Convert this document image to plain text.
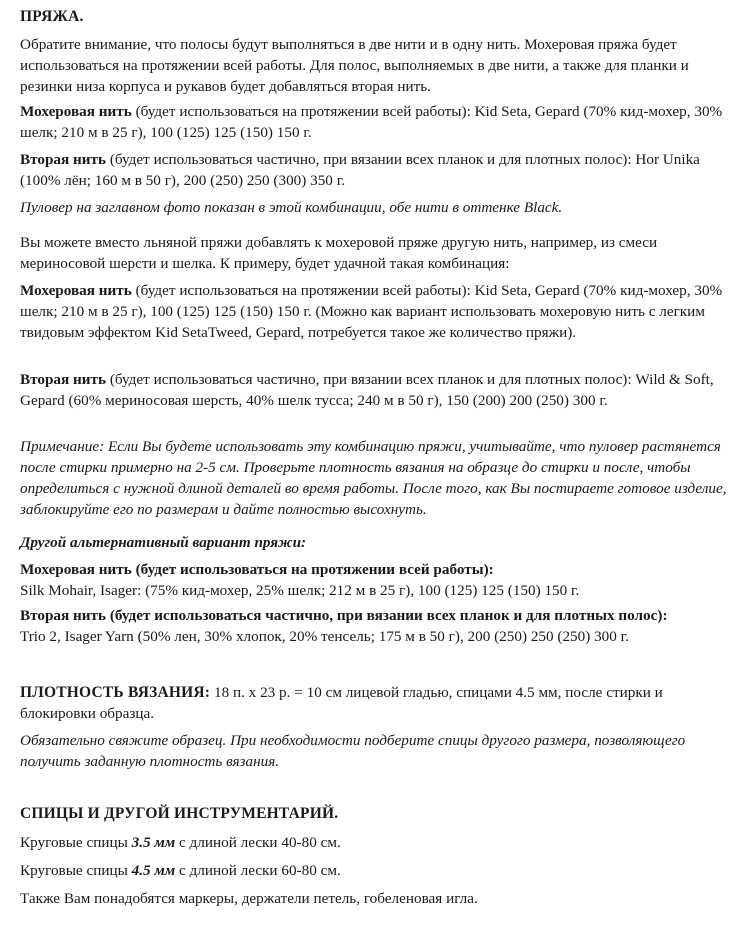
ПРЯЖА.

Обратите внимание, что полосы будут выполняться в две нити и в одну нить. Мохеровая пряжа будет использоваться на протяжении всей работы. Для полос, выполняемых в две нити, а также для планки и резинки низа корпуса и рукавов будет добавляться вторая нить.

Мохеровая нить (будет использоваться на протяжении всей работы): Kid Seta, Gepard (70% кид-мохер, 30% шелк; 210 м в 25 г), 100 (125) 125 (150) 150 г.

Вторая нить (будет использоваться частично, при вязании всех планок и для плотных полос): Hor Unika (100% лён; 160 м в 50 г), 200 (250) 250 (300) 350 г.

Пуловер на заглавном фото показан в этой комбинации, обе нити в оттенке Black.

Вы можете вместо льняной пряжи добавлять к мохеровой пряже другую нить, например, из смеси мериносовой шерсти и шелка. К примеру, будет удачной такая комбинация:

Мохеровая нить (будет использоваться на протяжении всей работы): Kid Seta, Gepard (70% кид-мохер, 30% шелк; 210 м в 25 г), 100 (125) 125 (150) 150 г. (Можно как вариант использовать мохеровую нить с легким твидовым эффектом Kid SetaTweed, Gepard, потребуется такое же количество пряжи).

Вторая нить (будет использоваться частично, при вязании всех планок и для плотных полос): Wild & Soft, Gepard (60% мериносовая шерсть, 40% шелк тусса; 240 м в 50 г), 150 (200) 200 (250) 300 г.

Примечание: Если Вы будете использовать эту комбинацию пряжи, учитывайте, что пуловер растянется после стирки примерно на 2-5 см. Проверьте плотность вязания на образце до стирки и после, чтобы определиться с нужной длиной деталей во время работы. После того, как Вы постираете готовое изделие, заблокируйте его по размерам и дайте полностью высохнуть.

Другой альтернативный вариант пряжи:

Мохеровая нить (будет использоваться на протяжении всей работы):
Silk Mohair, Isager: (75% кид-мохер, 25% шелк; 212 м в 25 г), 100 (125) 125 (150) 150 г.

Вторая нить (будет использоваться частично, при вязании всех планок и для плотных полос):
Trio 2, Isager Yarn (50% лен, 30% хлопок, 20% тенсель; 175 м в 50 г), 200 (250) 250 (250) 300 г.

ПЛОТНОСТЬ ВЯЗАНИЯ: 18 п. х 23 р. = 10 см лицевой гладью, спицами 4.5 мм, после стирки и блокировки образца.

Обязательно свяжите образец. При необходимости подберите спицы другого размера, позволяющего получить заданную плотность вязания.

СПИЦЫ И ДРУГОЙ ИНСТРУМЕНТАРИЙ.

Круговые спицы 3.5 мм с длиной лески 40-80 см.

Круговые спицы 4.5 мм с длиной лески 60-80 см.

Также Вам понадобятся маркеры, держатели петель, гобеленовая игла.
